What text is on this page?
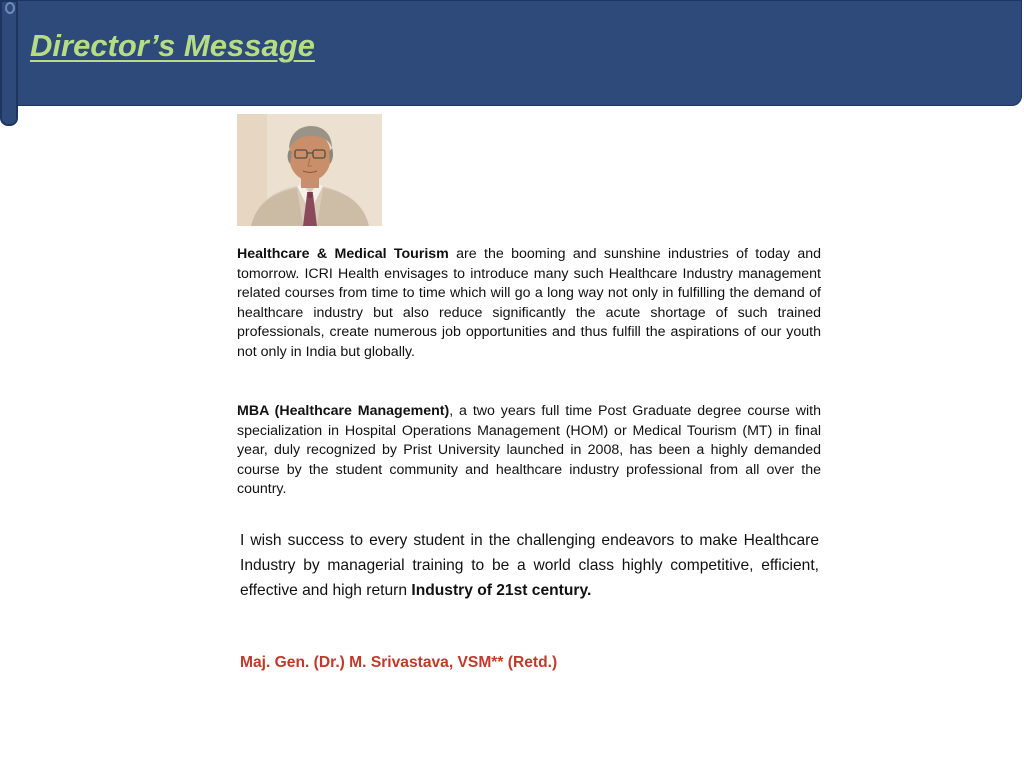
Director’s Message

Healthcare & Medical Tourism are the booming and sunshine industries of today and tomorrow. ICRI Health envisages to introduce many such Healthcare Industry management related courses from time to time which will go a long way not only in fulfilling the demand of healthcare industry but also reduce significantly the acute shortage of such trained professionals, create numerous job opportunities and thus fulfill the aspirations of our youth not only in India but globally.

MBA (Healthcare Management), a two years full time Post Graduate degree course with specialization in Hospital Operations Management (HOM) or Medical Tourism (MT) in final year, duly recognized by Prist University launched in 2008, has been a highly demanded course by the student community and healthcare industry professional from all over the country.

I wish success to every student in the challenging endeavors to make Healthcare Industry by managerial training to be a world class highly competitive, efficient, effective and high return Industry of 21st century.

Maj. Gen. (Dr.) M. Srivastava, VSM** (Retd.)
